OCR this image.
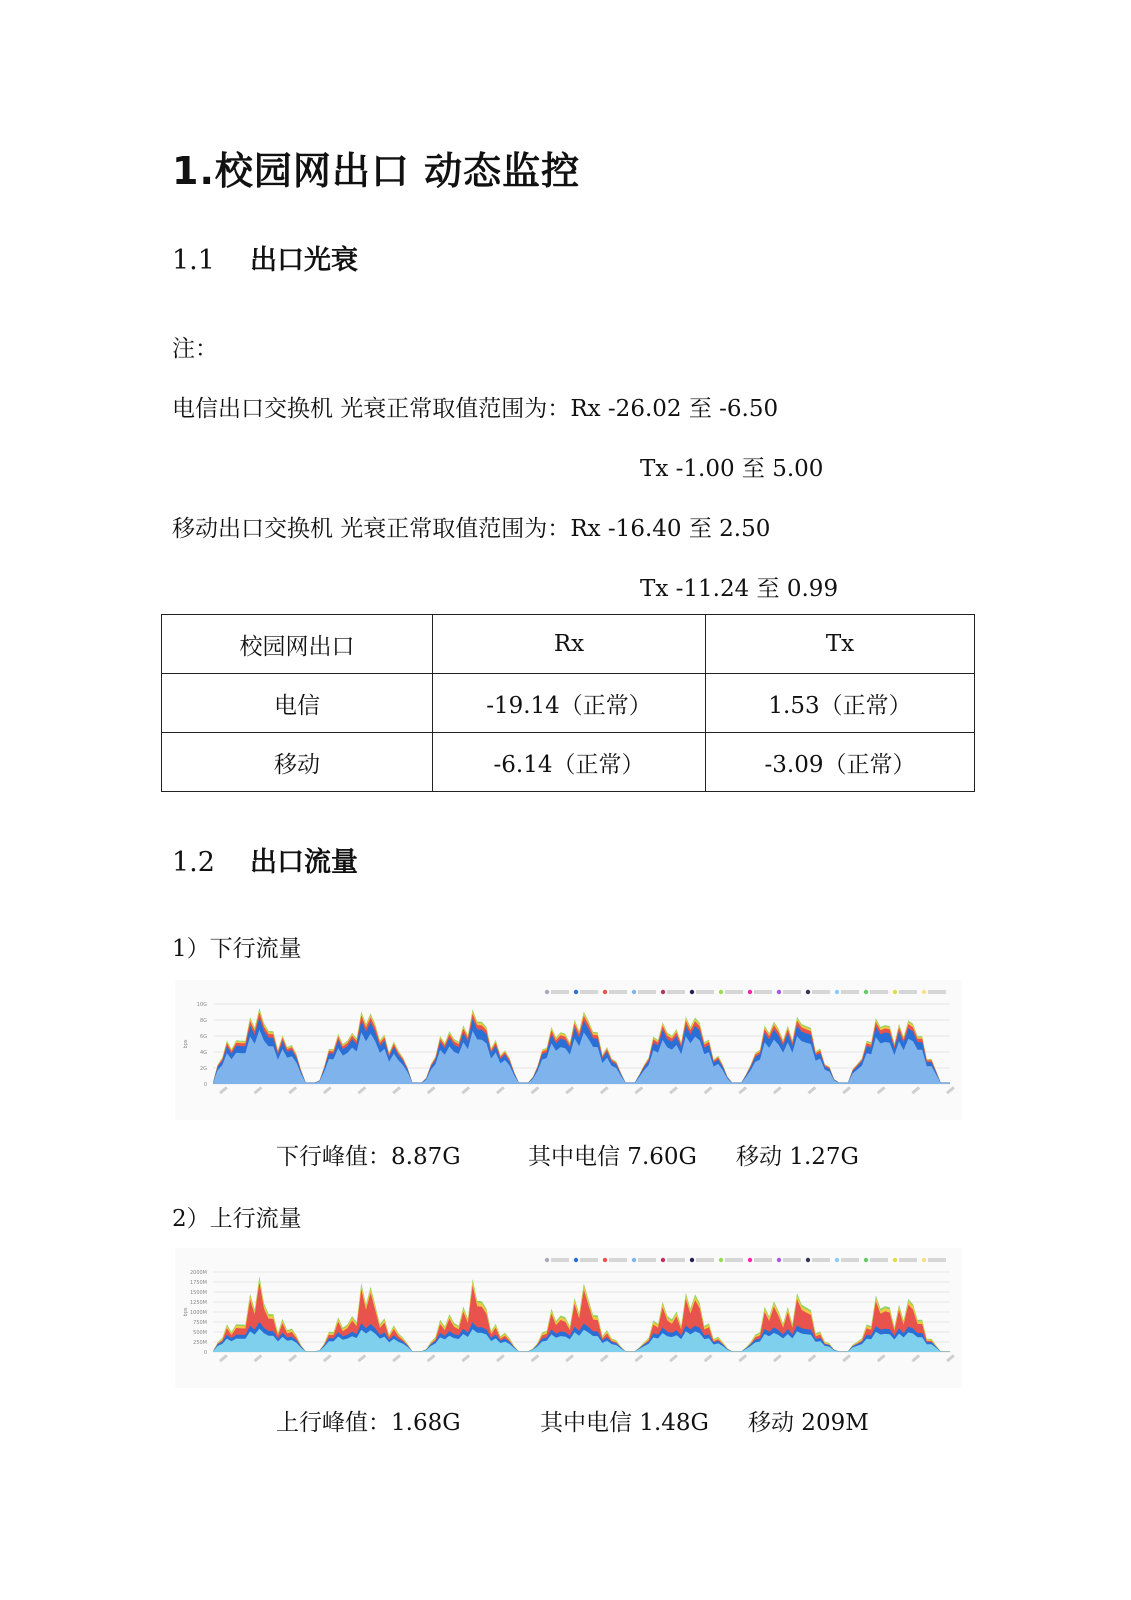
1.校园网出口 动态监控
1.1 出口光衰
注：
电信出口交换机 光衰正常取值范围为：Rx -26.02 至 -6.50
Tx -1.00 至 5.00
移动出口交换机 光衰正常取值范围为：Rx -16.40 至 2.50
Tx -11.24 至 0.99
校园网出口	Rx	Tx
电信	-19.14（正常）	1.53（正常）
移动	-6.14（正常）	-3.09（正常）
1.2 出口流量
1）下行流量
0
2G
4G
6G
8G
10G
bps
下行峰值：8.87G	其中电信 7.60G 移动 1.27G
2）上行流量
0
250M
500M
750M
1000M
1250M
1500M
1750M
2000M
bps
上行峰值：1.68G	其中电信 1.48G 移动 209M
